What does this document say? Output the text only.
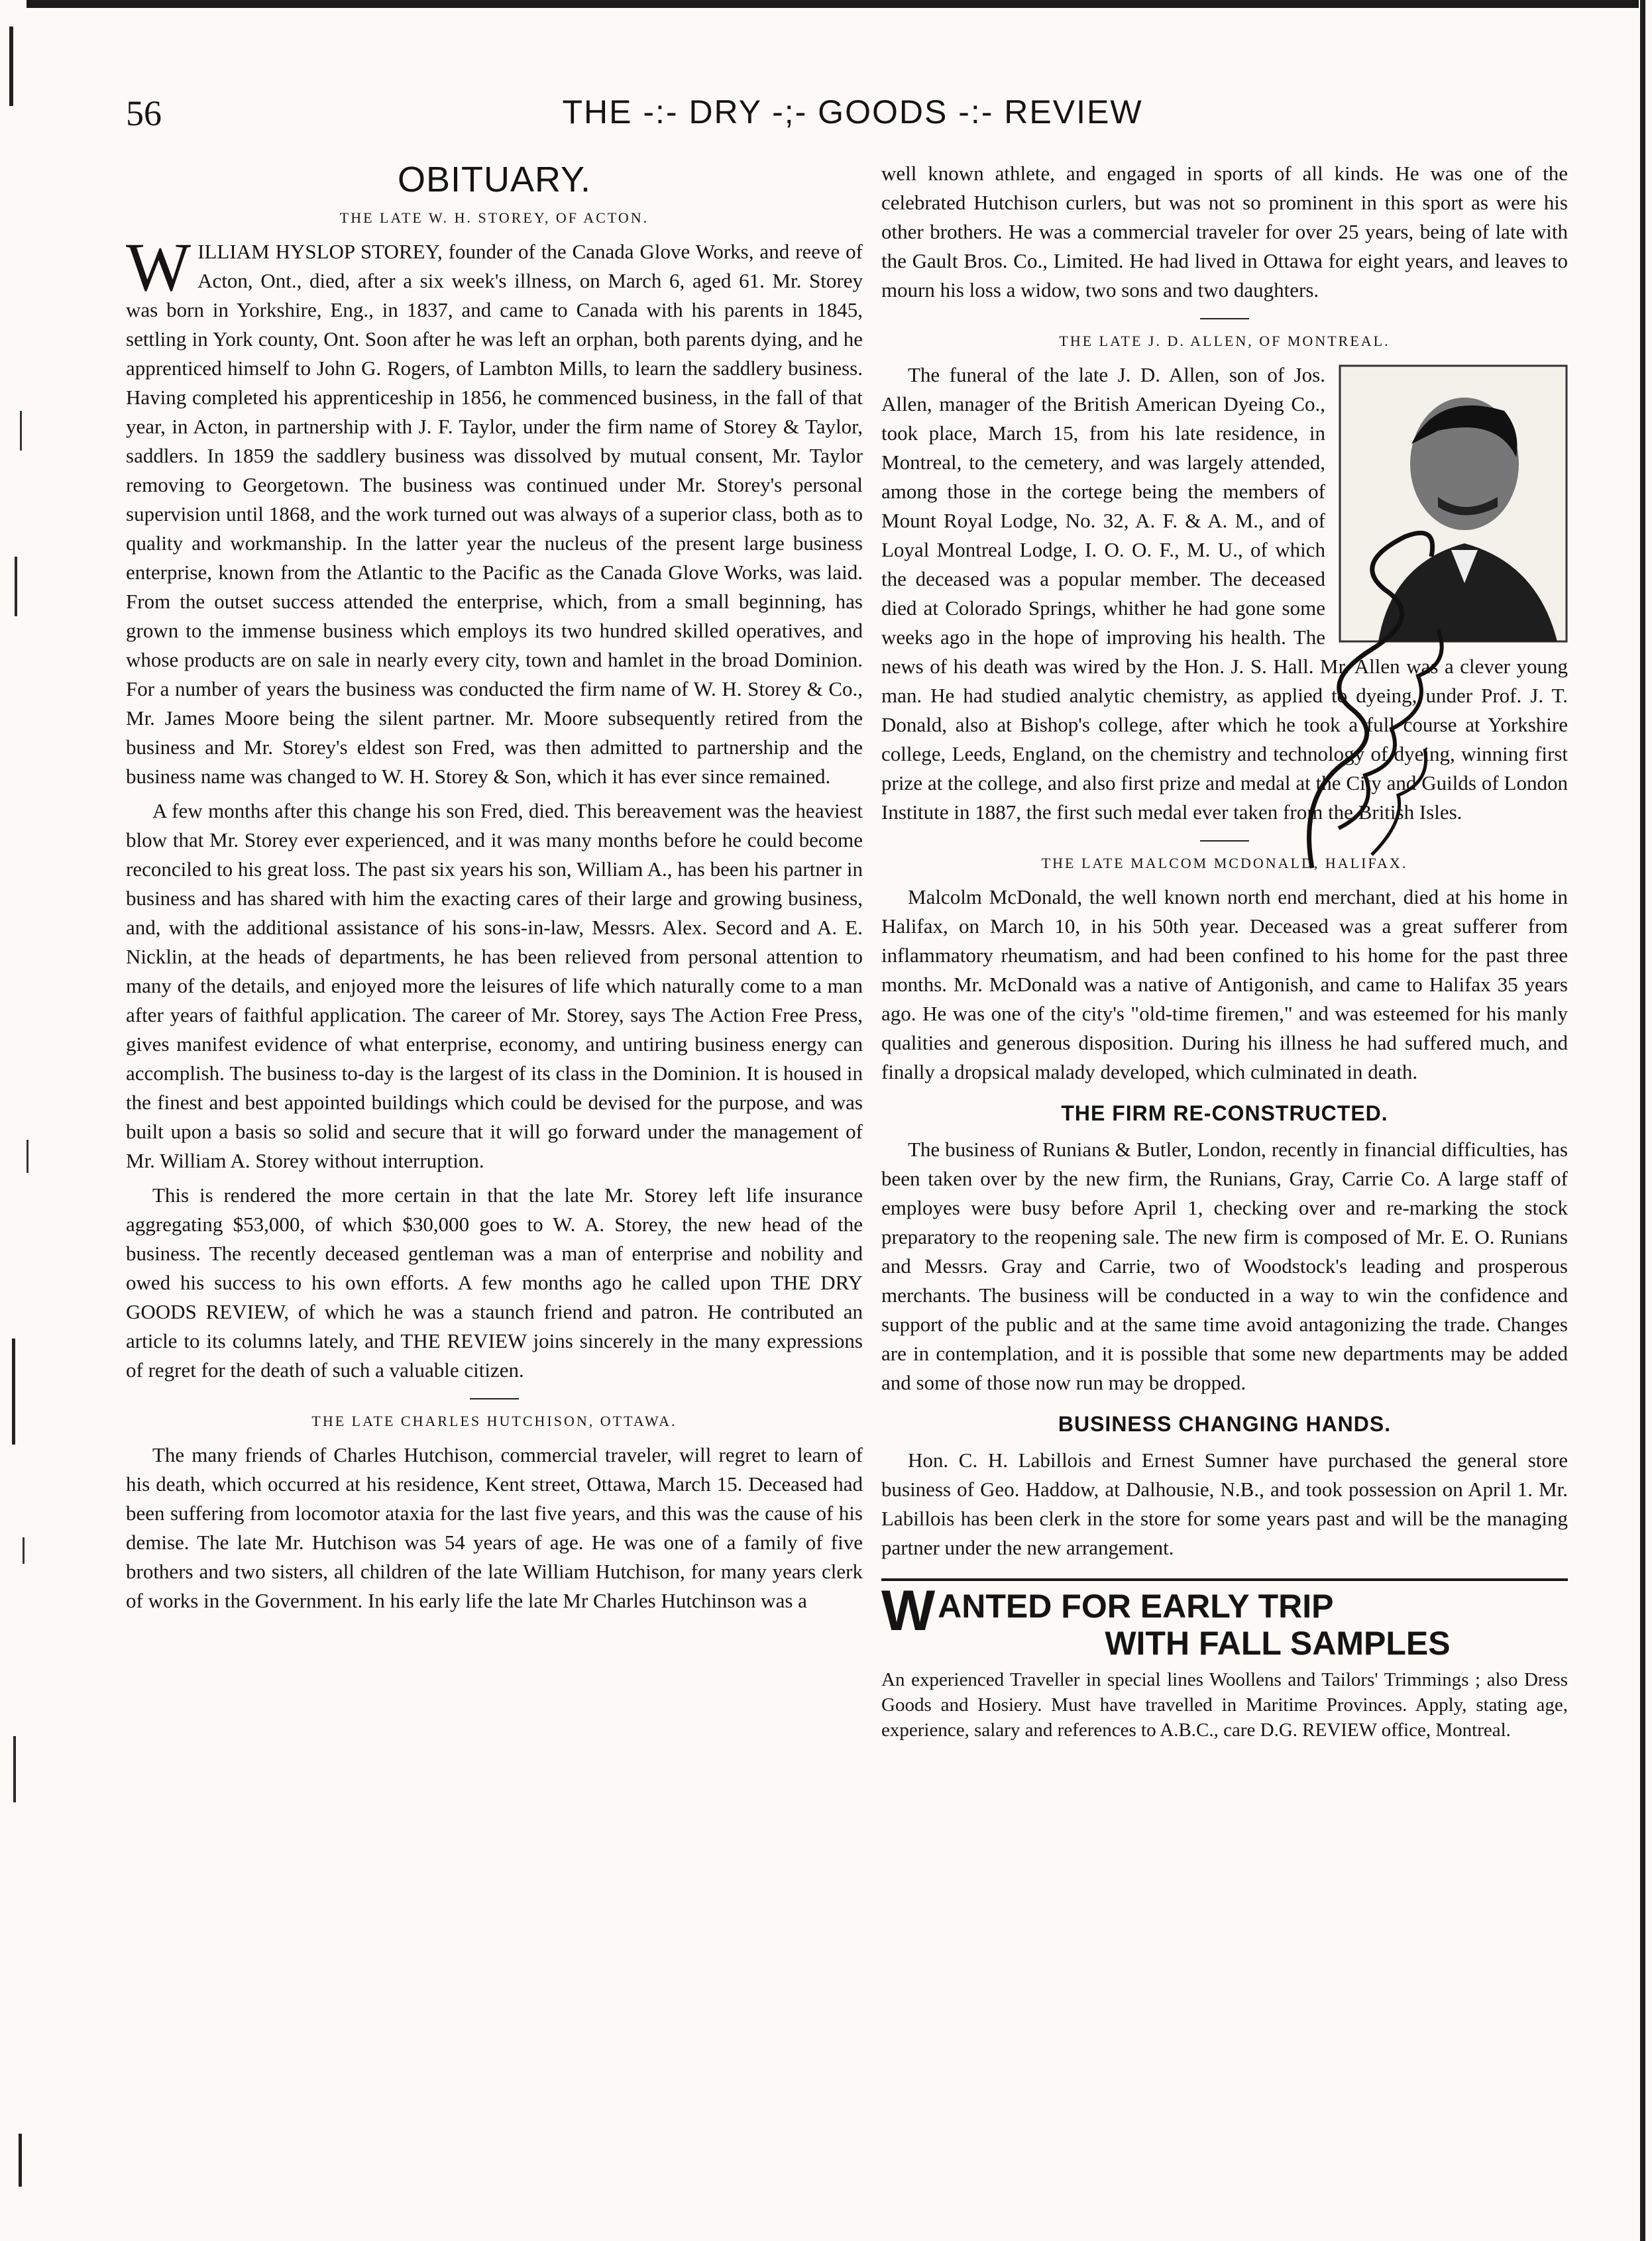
56	THE -:- DRY -;- GOODS -:- REVIEW
OBITUARY.
THE LATE W. H. STOREY, OF ACTON.

WILLIAM HYSLOP STOREY, founder of the Canada Glove Works, and reeve of Acton, Ont., died, after a six week's illness, on March 6, aged 61. Mr. Storey was born in Yorkshire, Eng., in 1837, and came to Canada with his parents in 1845, settling in York county, Ont. Soon after he was left an orphan, both parents dying, and he apprenticed himself to John G. Rogers, of Lambton Mills, to learn the saddlery business. Having completed his apprenticeship in 1856, he commenced business, in the fall of that year, in Acton, in partnership with J. F. Taylor, under the firm name of Storey & Taylor, saddlers. In 1859 the saddlery business was dissolved by mutual consent, Mr. Taylor removing to Georgetown. The business was continued under Mr. Storey's personal supervision until 1868, and the work turned out was always of a superior class, both as to quality and workmanship. In the latter year the nucleus of the present large business enterprise, known from the Atlantic to the Pacific as the Canada Glove Works, was laid. From the outset success attended the enterprise, which, from a small beginning, has grown to the immense business which employs its two hundred skilled operatives, and whose products are on sale in nearly every city, town and hamlet in the broad Dominion. For a number of years the business was conducted the firm name of W. H. Storey & Co., Mr. James Moore being the silent partner. Mr. Moore subsequently retired from the business and Mr. Storey's eldest son Fred, was then admitted to partnership and the business name was changed to W. H. Storey & Son, which it has ever since remained.

A few months after this change his son Fred, died. This bereavement was the heaviest blow that Mr. Storey ever experienced, and it was many months before he could become reconciled to his great loss. The past six years his son, William A., has been his partner in business and has shared with him the exacting cares of their large and growing business, and, with the additional assistance of his sons-in-law, Messrs. Alex. Secord and A. E. Nicklin, at the heads of departments, he has been relieved from personal attention to many of the details, and enjoyed more the leisures of life which naturally come to a man after years of faithful application. The career of Mr. Storey, says The Action Free Press, gives manifest evidence of what enterprise, economy, and untiring business energy can accomplish. The business to-day is the largest of its class in the Dominion. It is housed in the finest and best appointed buildings which could be devised for the purpose, and was built upon a basis so solid and secure that it will go forward under the management of Mr. William A. Storey without interruption.

This is rendered the more certain in that the late Mr. Storey left life insurance aggregating $53,000, of which $30,000 goes to W. A. Storey, the new head of the business. The recently deceased gentleman was a man of enterprise and nobility and owed his success to his own efforts. A few months ago he called upon THE DRY GOODS REVIEW, of which he was a staunch friend and patron. He contributed an article to its columns lately, and THE REVIEW joins sincerely in the many expressions of regret for the death of such a valuable citizen.

THE LATE CHARLES HUTCHISON, OTTAWA.

The many friends of Charles Hutchison, commercial traveler, will regret to learn of his death, which occurred at his residence, Kent street, Ottawa, March 15. Deceased had been suffering from locomotor ataxia for the last five years, and this was the cause of his demise. The late Mr. Hutchison was 54 years of age. He was one of a family of five brothers and two sisters, all children of the late William Hutchison, for many years clerk of works in the Government. In his early life the late Mr Charles Hutchinson was a

well known athlete, and engaged in sports of all kinds. He was one of the celebrated Hutchison curlers, but was not so prominent in this sport as were his other brothers. He was a commercial traveler for over 25 years, being of late with the Gault Bros. Co., Limited. He had lived in Ottawa for eight years, and leaves to mourn his loss a widow, two sons and two daughters.

THE LATE J. D. ALLEN, OF MONTREAL.

The funeral of the late J. D. Allen, son of Jos. Allen, manager of the British American Dyeing Co., took place, March 15, from his late residence, in Montreal, to the cemetery, and was largely attended, among those in the cortege being the members of Mount Royal Lodge, No. 32, A. F. & A. M., and of Loyal Montreal Lodge, I. O. O. F., M. U., of which the deceased was a popular member. The deceased died at Colorado Springs, whither he had gone some weeks ago in the hope of improving his health. The news of his death was wired by the Hon. J. S. Hall. Mr. Allen was a clever young man. He had studied analytic chemistry, as applied to dyeing, under Prof. J. T. Donald, also at Bishop's college, after which he took a full course at Yorkshire college, Leeds, England, on the chemistry and technology of dyeing, winning first prize at the college, and also first prize and medal at the City and Guilds of London Institute in 1887, the first such medal ever taken from the British Isles.

THE LATE MALCOM MCDONALD, HALIFAX.

Malcolm McDonald, the well known north end merchant, died at his home in Halifax, on March 10, in his 50th year. Deceased was a great sufferer from inflammatory rheumatism, and had been confined to his home for the past three months. Mr. McDonald was a native of Antigonish, and came to Halifax 35 years ago. He was one of the city's "old-time firemen," and was esteemed for his manly qualities and generous disposition. During his illness he had suffered much, and finally a dropsical malady developed, which culminated in death.

THE FIRM RE-CONSTRUCTED.

The business of Runians & Butler, London, recently in financial difficulties, has been taken over by the new firm, the Runians, Gray, Carrie Co. A large staff of employes were busy before April 1, checking over and re-marking the stock preparatory to the reopening sale. The new firm is composed of Mr. E. O. Runians and Messrs. Gray and Carrie, two of Woodstock's leading and prosperous merchants. The business will be conducted in a way to win the confidence and support of the public and at the same time avoid antagonizing the trade. Changes are in contemplation, and it is possible that some new departments may be added and some of those now run may be dropped.

BUSINESS CHANGING HANDS.

Hon. C. H. Labillois and Ernest Sumner have purchased the general store business of Geo. Haddow, at Dalhousie, N.B., and took possession on April 1. Mr. Labillois has been clerk in the store for some years past and will be the managing partner under the new arrangement.

WANTED FOR EARLY TRIP
WITH FALL SAMPLES
An experienced Traveller in special lines Woollens and Tailors' Trimmings ; also Dress Goods and Hosiery. Must have travelled in Maritime Provinces. Apply, stating age, experience, salary and references to A.B.C., care D.G. REVIEW office, Montreal.
